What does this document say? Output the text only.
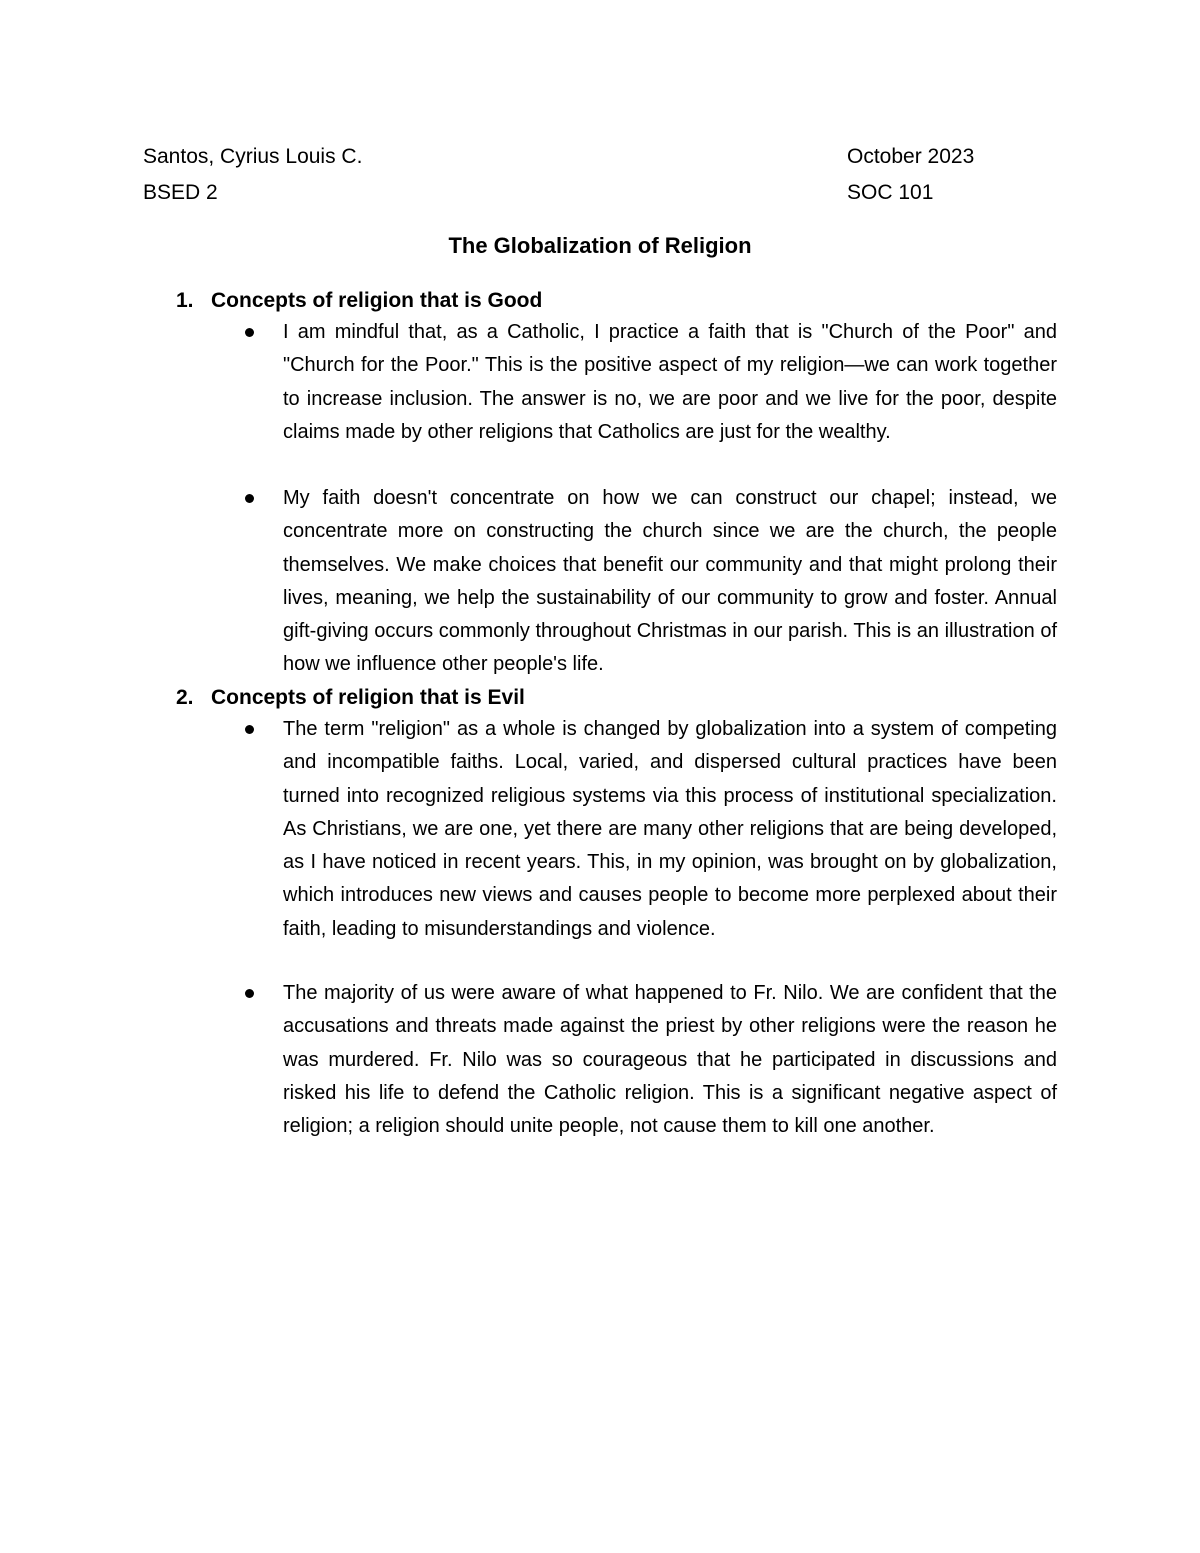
Santos, Cyrius Louis C.	October 2023
BSED 2	SOC 101
The Globalization of Religion
1. Concepts of religion that is Good
I am mindful that, as a Catholic, I practice a faith that is "Church of the Poor" and "Church for the Poor." This is the positive aspect of my religion—we can work together to increase inclusion. The answer is no, we are poor and we live for the poor, despite claims made by other religions that Catholics are just for the wealthy.
My faith doesn't concentrate on how we can construct our chapel; instead, we concentrate more on constructing the church since we are the church, the people themselves. We make choices that benefit our community and that might prolong their lives, meaning, we help the sustainability of our community to grow and foster. Annual gift-giving occurs commonly throughout Christmas in our parish. This is an illustration of how we influence other people's life.
2. Concepts of religion that is Evil
The term "religion" as a whole is changed by globalization into a system of competing and incompatible faiths. Local, varied, and dispersed cultural practices have been turned into recognized religious systems via this process of institutional specialization. As Christians, we are one, yet there are many other religions that are being developed, as I have noticed in recent years. This, in my opinion, was brought on by globalization, which introduces new views and causes people to become more perplexed about their faith, leading to misunderstandings and violence.
The majority of us were aware of what happened to Fr. Nilo. We are confident that the accusations and threats made against the priest by other religions were the reason he was murdered. Fr. Nilo was so courageous that he participated in discussions and risked his life to defend the Catholic religion. This is a significant negative aspect of religion; a religion should unite people, not cause them to kill one another.
